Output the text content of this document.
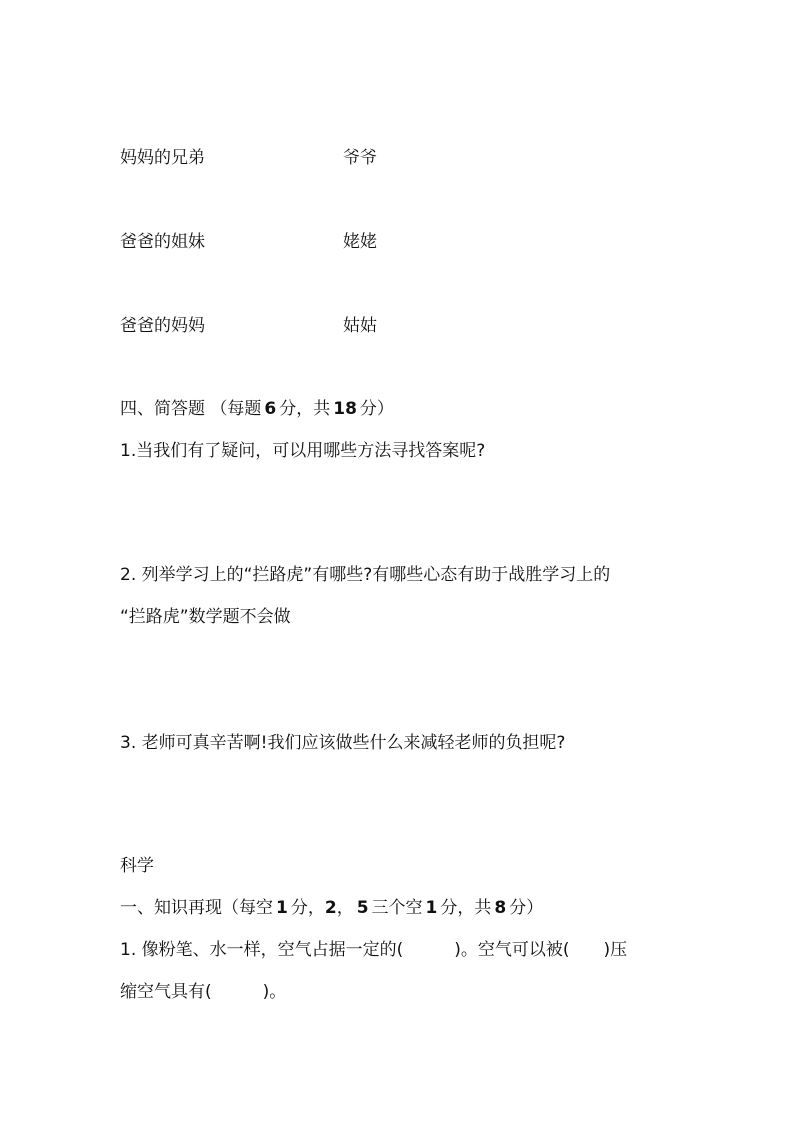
妈妈的兄弟	爷爷
爸爸的姐妹	姥姥
爸爸的妈妈	姑姑
四、简答题 （每题 6 分，共 18 分）
1.当我们有了疑问，可以用哪些方法寻找答案呢?
2. 列举学习上的“拦路虎”有哪些?有哪些心态有助于战胜学习上的
“拦路虎”数学题不会做
3. 老师可真辛苦啊!我们应该做些什么来减轻老师的负担呢?
科学
一、知识再现（每空 1 分，2， 5 三个空 1 分，共 8 分）
1. 像粉笔、水一样，空气占据一定的(　　　)。空气可以被(　　)压
缩空气具有(　　　)。
